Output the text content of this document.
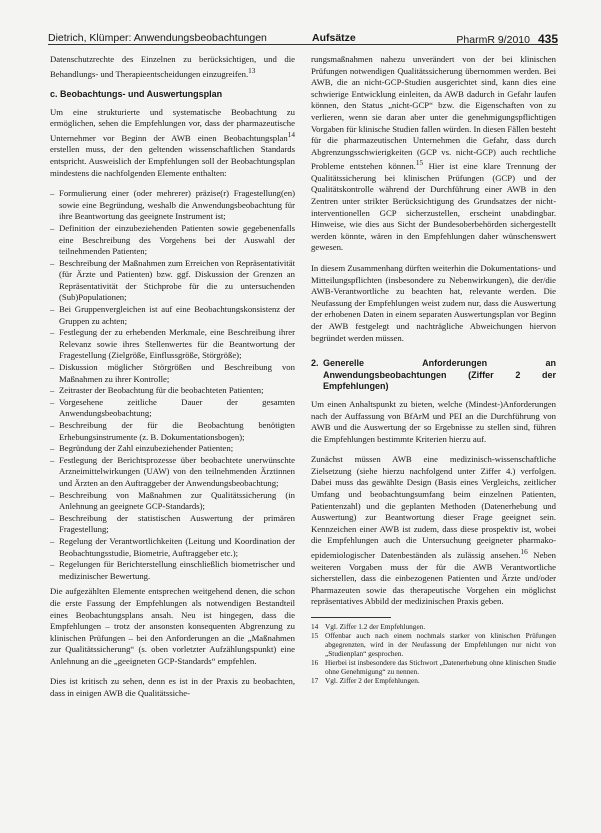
Dietrich, Klümper: Anwendungsbeobachtungen	Aufsätze	PharmR 9/2010 435

Datenschutzrechte des Einzelnen zu berücksichtigen, und die Behandlungs- und Therapieentscheidungen einzugreifen.$^{13}$

c. Beobachtungs- und Auswertungsplan

Um eine strukturierte und systematische Beobachtung zu ermöglichen, sehen die Empfehlungen vor, dass der pharmazeutische Unternehmer vor Beginn der AWB einen Beobachtungsplan$^{14}$ erstellen muss, der den geltenden wissenschaftlichen Standards entspricht. Ausweislich der Empfehlungen soll der Beobachtungsplan mindestens die nachfolgenden Elemente enthalten:

– Formulierung einer (oder mehrerer) präzise(r) Fragestellung(en) sowie eine Begründung, weshalb die Anwendungsbeobachtung für ihre Beantwortung das geeignete Instrument ist;
– Definition der einzubeziehenden Patienten sowie gegebenenfalls eine Beschreibung des Vorgehens bei der Auswahl der teilnehmenden Patienten;
– Beschreibung der Maßnahmen zum Erreichen von Repräsentativität (für Ärzte und Patienten) bzw. ggf. Diskussion der Grenzen an Repräsentativität der Stichprobe für die zu untersuchenden (Sub)Populationen;
– Bei Gruppenvergleichen ist auf eine Beobachtungskonsistenz der Gruppen zu achten;
– Festlegung der zu erhebenden Merkmale, eine Beschreibung ihrer Relevanz sowie ihres Stellenwertes für die Beantwortung der Fragestellung (Zielgröße, Einflussgröße, Störgröße);
– Diskussion möglicher Störgrößen und Beschreibung von Maßnahmen zu ihrer Kontrolle;
– Zeitraster der Beobachtung für die beobachteten Patienten;
– Vorgesehene zeitliche Dauer der gesamten Anwendungsbeobachtung;
– Beschreibung der für die Beobachtung benötigten Erhebungsinstrumente (z. B. Dokumentationsbogen);
– Begründung der Zahl einzubeziehender Patienten;
– Festlegung der Berichtsprozesse über beobachtete unerwünschte Arzneimittelwirkungen (UAW) von den teilnehmenden Ärztinnen und Ärzten an den Auftraggeber der Anwendungsbeobachtung;
– Beschreibung von Maßnahmen zur Qualitätssicherung (in Anlehnung an geeignete GCP-Standards);
– Beschreibung der statistischen Auswertung der primären Fragestellung;
– Regelung der Verantwortlichkeiten (Leitung und Koordination der Beobachtungsstudie, Biometrie, Auftraggeber etc.);
– Regelungen für Berichterstellung einschließlich biometrischer und medizinischer Bewertung.

Die aufgezählten Elemente entsprechen weitgehend denen, die schon die erste Fassung der Empfehlungen als notwendigen Bestandteil eines Beobachtungsplans ansah. Neu ist hingegen, dass die Empfehlungen – trotz der ansonsten konsequenten Abgrenzung zu klinischen Prüfungen – bei den Anforderungen an die „Maßnahmen zur Qualitätssicherung“ (s. oben vorletzter Aufzählungspunkt) eine Anlehnung an die „geeigneten GCP-Standards“ empfehlen.

Dies ist kritisch zu sehen, denn es ist in der Praxis zu beobachten, dass in einigen AWB die Qualitätssiche-

rungsmaßnahmen nahezu unverändert von der bei klinischen Prüfungen notwendigen Qualitätssicherung übernommen werden. Bei AWB, die an nicht-GCP-Studien ausgerichtet sind, kann dies eine schwierige Entwicklung einleiten, da AWB dadurch in Gefahr laufen können, den Status „nicht-GCP“ bzw. die Eigenschaften von zu verlieren, wenn sie daran aber unter die genehmigungspflichtigen Vorgaben für klinische Studien fallen würden. In diesen Fällen besteht für die pharmazeutischen Unternehmen die Gefahr, dass durch Abgrenzungsschwierigkeiten (GCP vs. nicht-GCP) auch rechtliche Probleme entstehen können.$^{15}$ Hier ist eine klare Trennung der Qualitätssicherung bei klinischen Prüfungen (GCP) und der Qualitätskontrolle während der Durchführung einer AWB in den Zentren unter strikter Berücksichtigung des Grundsatzes der nicht-interventionellen GCP sicherzustellen, erscheint unabdingbar. Hinweise, wie dies aus Sicht der Bundesoberbehörden sichergestellt werden könnte, wären in den Empfehlungen daher wünschenswert gewesen.

In diesem Zusammenhang dürften weiterhin die Dokumentations- und Mitteilungspflichten (insbesondere zu Nebenwirkungen), die der/die AWB-Verantwortliche zu beachten hat, relevante werden. Die Neufassung der Empfehlungen weist zudem nur, dass die Auswertung der erhobenen Daten in einem separaten Auswertungsplan vor Beginn der AWB festgelegt und nachträgliche Abweichungen hiervon begründet werden müssen.

2. Generelle Anforderungen an Anwendungsbeobachtungen (Ziffer 2 der Empfehlungen)

Um einen Anhaltspunkt zu bieten, welche (Mindest-)Anforderungen nach der Auffassung von BfArM und PEI an die Durchführung von AWB und die Auswertung der so Ergebnisse zu stellen sind, führen die Empfehlungen bestimmte Kriterien hierzu auf.

Zunächst müssen AWB eine medizinisch-wissenschaftliche Zielsetzung (siehe hierzu nachfolgend unter Ziffer 4.) verfolgen. Dabei muss das gewählte Design (Basis eines Vergleichs, zeitlicher Umfang und beobachtungsumfang beim einzelnen Patienten, Patientenzahl) und die geplanten Methoden (Datenerhebung und Auswertung) zur Beantwortung dieser Frage geeignet sein. Kennzeichen einer AWB ist zudem, dass diese prospektiv ist, wobei die Empfehlungen auch die Untersuchung geeigneter pharmako-epidemiologischer Datenbeständen als zulässig ansehen.$^{16}$ Neben weiteren Vorgaben muss der für die AWB Verantwortliche sicherstellen, dass die einbezogenen Patienten und Ärzte und/oder Pharmazeuten sowie das therapeutische Vorgehen ein möglichst repräsentatives Abbild der medizinischen Praxis geben.

14 Vgl. Ziffer 1.2 der Empfehlungen.
15 Offenbar auch nach einem nochmals starker von klinischen Prüfungen abgegrenzten, wird in der Neufassung der Empfehlungen nur nicht von „Studienplan“ gesprochen.
16 Hierbei ist insbesondere das Stichwort „Datenerhebung ohne klinischen Studie ohne Genehmigung“ zu nennen.
17 Vgl. Ziffer 2 der Empfehlungen.
